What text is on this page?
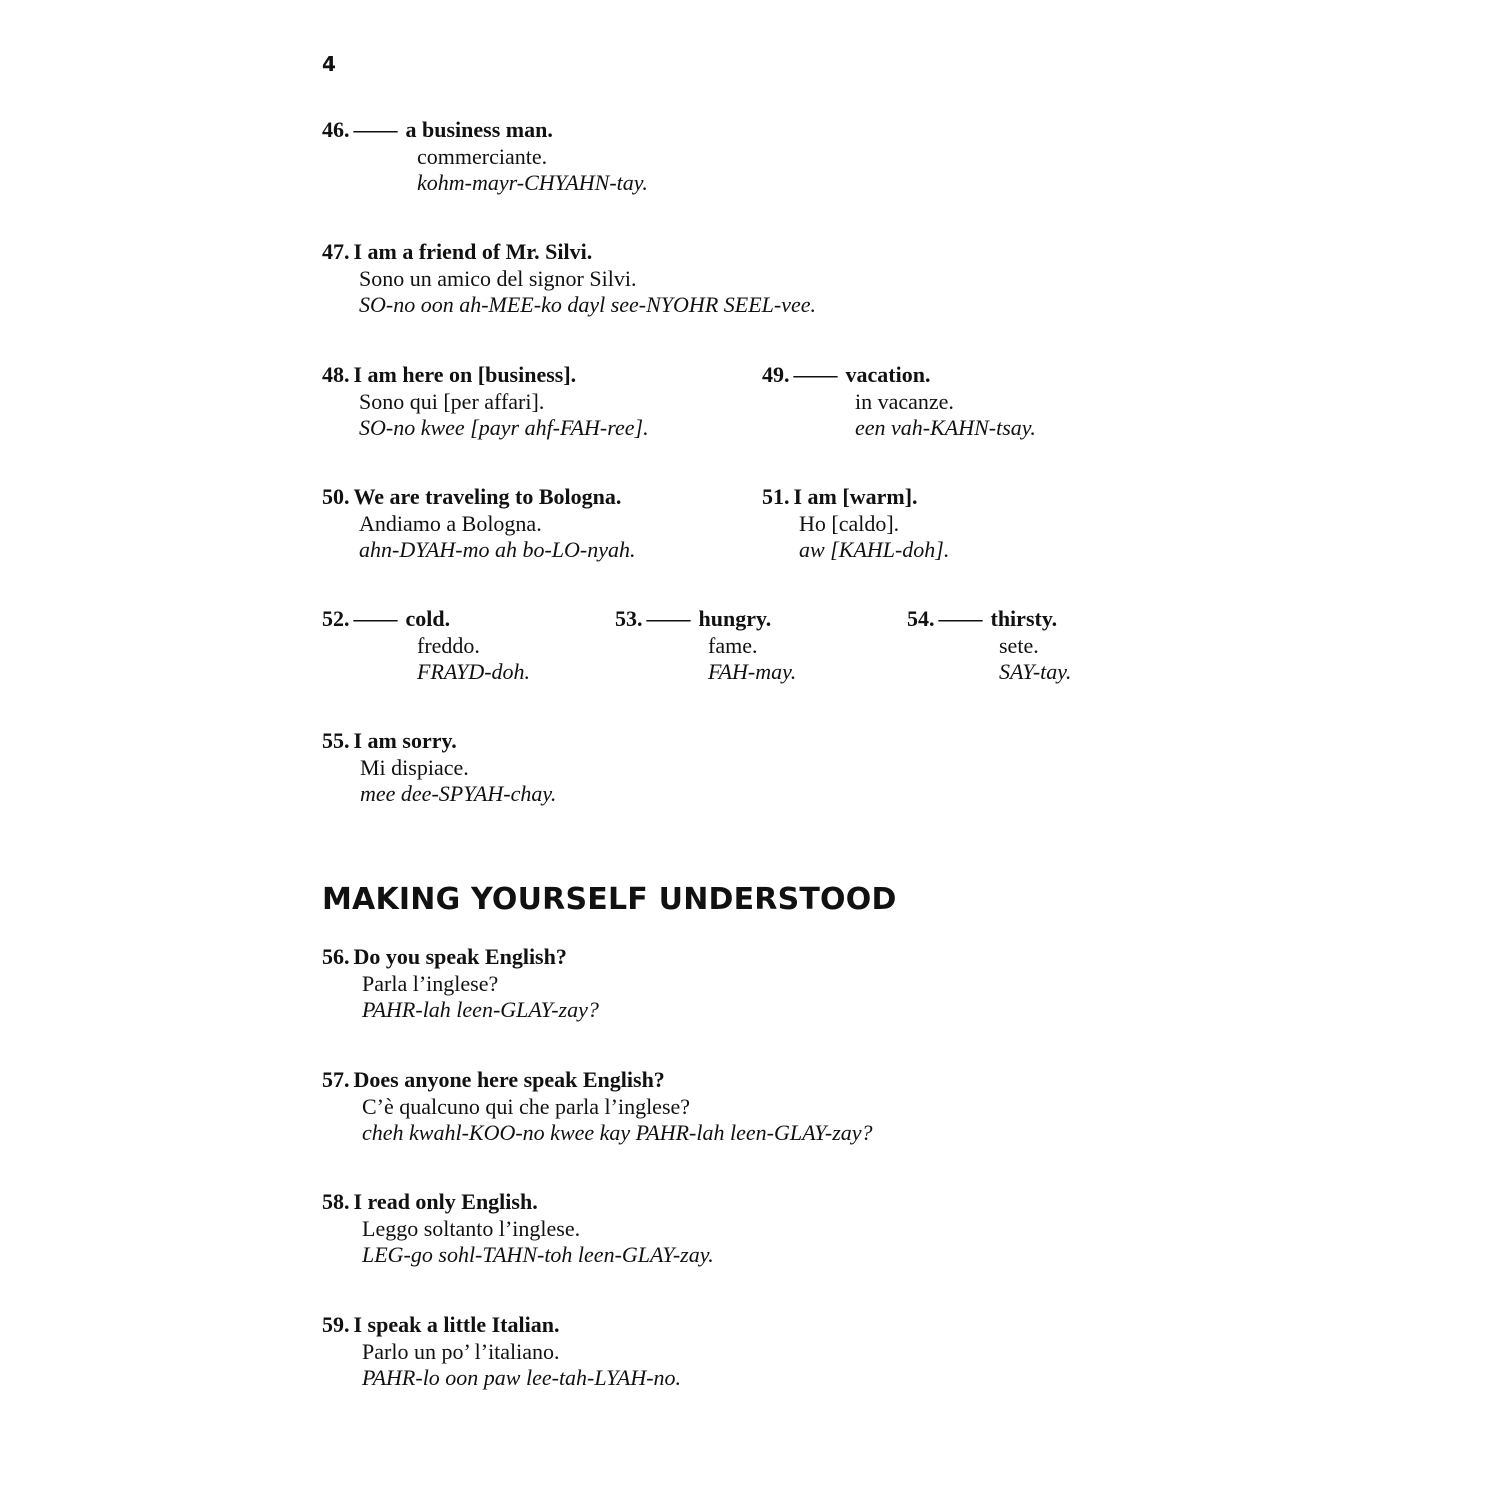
4
46. —— a business man.
commerciante.
kohm-mayr-CHYAHN-tay.
47. I am a friend of Mr. Silvi.
Sono un amico del signor Silvi.
SO-no oon ah-MEE-ko dayl see-NYOHR SEEL-vee.
48. I am here on [business].
Sono qui [per affari].
SO-no kwee [payr ahf-FAH-ree].
49. —— vacation.
in vacanze.
een vah-KAHN-tsay.
50. We are traveling to Bologna.
Andiamo a Bologna.
ahn-DYAH-mo ah bo-LO-nyah.
51. I am [warm].
Ho [caldo].
aw [KAHL-doh].
52. —— cold.
freddo.
FRAYD-doh.
53. —— hungry.
fame.
FAH-may.
54. —— thirsty.
sete.
SAY-tay.
55. I am sorry.
Mi dispiace.
mee dee-SPYAH-chay.
MAKING YOURSELF UNDERSTOOD
56. Do you speak English?
Parla l’inglese?
PAHR-lah leen-GLAY-zay?
57. Does anyone here speak English?
C’è qualcuno qui che parla l’inglese?
cheh kwahl-KOO-no kwee kay PAHR-lah leen-GLAY-zay?
58. I read only English.
Leggo soltanto l’inglese.
LEG-go sohl-TAHN-toh leen-GLAY-zay.
59. I speak a little Italian.
Parlo un po’ l’italiano.
PAHR-lo oon paw lee-tah-LYAH-no.
